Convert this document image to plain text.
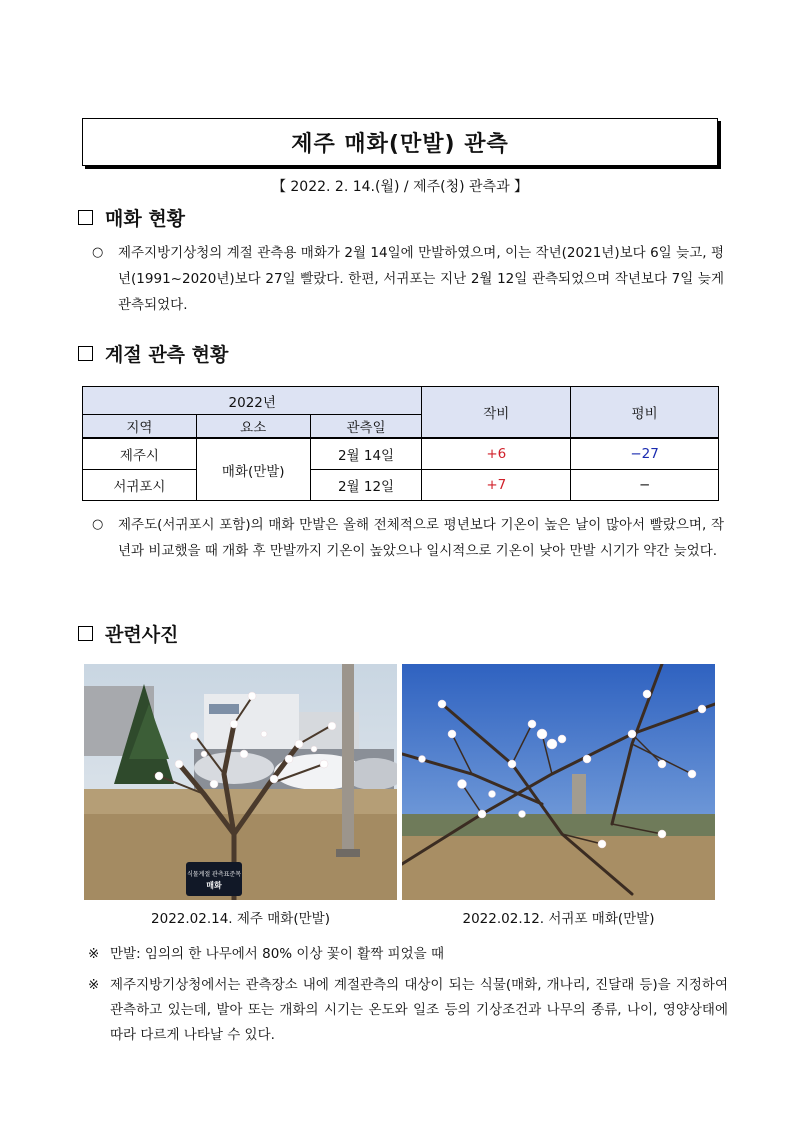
제주 매화(만발) 관측
【 2022. 2. 14.(월) / 제주(청) 관측과 】
매화 현황
○	제주지방기상청의 계절 관측용 매화가 2월 14일에 만발하였으며, 이는 작년(2021년)보다 6일 늦고, 평년(1991~2020년)보다 27일 빨랐다. 한편, 서귀포는 지난 2월 12일 관측되었으며 작년보다 7일 늦게 관측되었다.
계절 관측 현황
2022년			작비	평비
지역	요소	관측일		
제주시	매화(만발)	2월 14일	+6	−27
서귀포시		2월 12일	+7	−
○	제주도(서귀포시 포함)의 매화 만발은 올해 전체적으로 평년보다 기온이 높은 날이 많아서 빨랐으며, 작년과 비교했을 때 개화 후 만발까지 기온이 높았으나 일시적으로 기온이 낮아 만발 시기가 약간 늦었다.
관련사진
식물계절 관측표준목
매화
2022.02.14. 제주 매화(만발)	2022.02.12. 서귀포 매화(만발)
※ 만발: 임의의 한 나무에서 80% 이상 꽃이 활짝 피었을 때
※ 제주지방기상청에서는 관측장소 내에 계절관측의 대상이 되는 식물(매화, 개나리, 진달래 등)을 지정하여 관측하고 있는데, 발아 또는 개화의 시기는 온도와 일조 등의 기상조건과 나무의 종류, 나이, 영양상태에 따라 다르게 나타날 수 있다.
